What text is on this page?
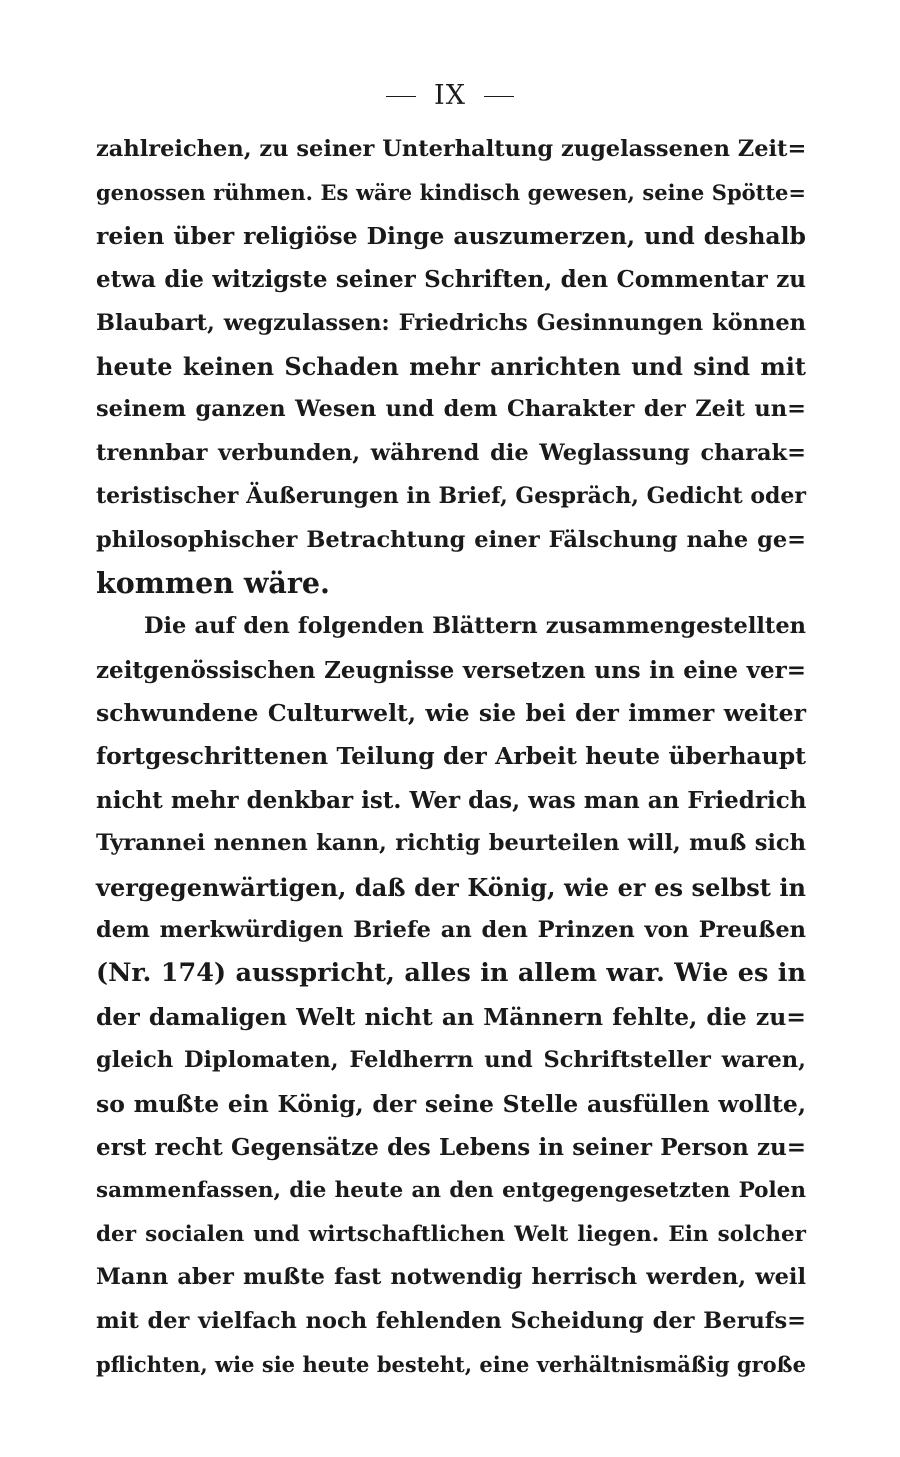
IX
zahlreichen, zu seiner Unterhaltung zugelassenen Zeit=
genossen rühmen. Es wäre kindisch gewesen, seine Spötte=
reien über religiöse Dinge auszumerzen, und deshalb
etwa die witzigste seiner Schriften, den Commentar zu
Blaubart, wegzulassen: Friedrichs Gesinnungen können
heute keinen Schaden mehr anrichten und sind mit
seinem ganzen Wesen und dem Charakter der Zeit un=
trennbar verbunden, während die Weglassung charak=
teristischer Äußerungen in Brief, Gespräch, Gedicht oder
philosophischer Betrachtung einer Fälschung nahe ge=
kommen wäre.
Die auf den folgenden Blättern zusammengestellten
zeitgenössischen Zeugnisse versetzen uns in eine ver=
schwundene Culturwelt, wie sie bei der immer weiter
fortgeschrittenen Teilung der Arbeit heute überhaupt
nicht mehr denkbar ist. Wer das, was man an Friedrich
Tyrannei nennen kann, richtig beurteilen will, muß sich
vergegenwärtigen, daß der König, wie er es selbst in
dem merkwürdigen Briefe an den Prinzen von Preußen
(Nr. 174) ausspricht, alles in allem war. Wie es in
der damaligen Welt nicht an Männern fehlte, die zu=
gleich Diplomaten, Feldherrn und Schriftsteller waren,
so mußte ein König, der seine Stelle ausfüllen wollte,
erst recht Gegensätze des Lebens in seiner Person zu=
sammenfassen, die heute an den entgegengesetzten Polen
der socialen und wirtschaftlichen Welt liegen. Ein solcher
Mann aber mußte fast notwendig herrisch werden, weil
mit der vielfach noch fehlenden Scheidung der Berufs=
pflichten, wie sie heute besteht, eine verhältnismäßig große
